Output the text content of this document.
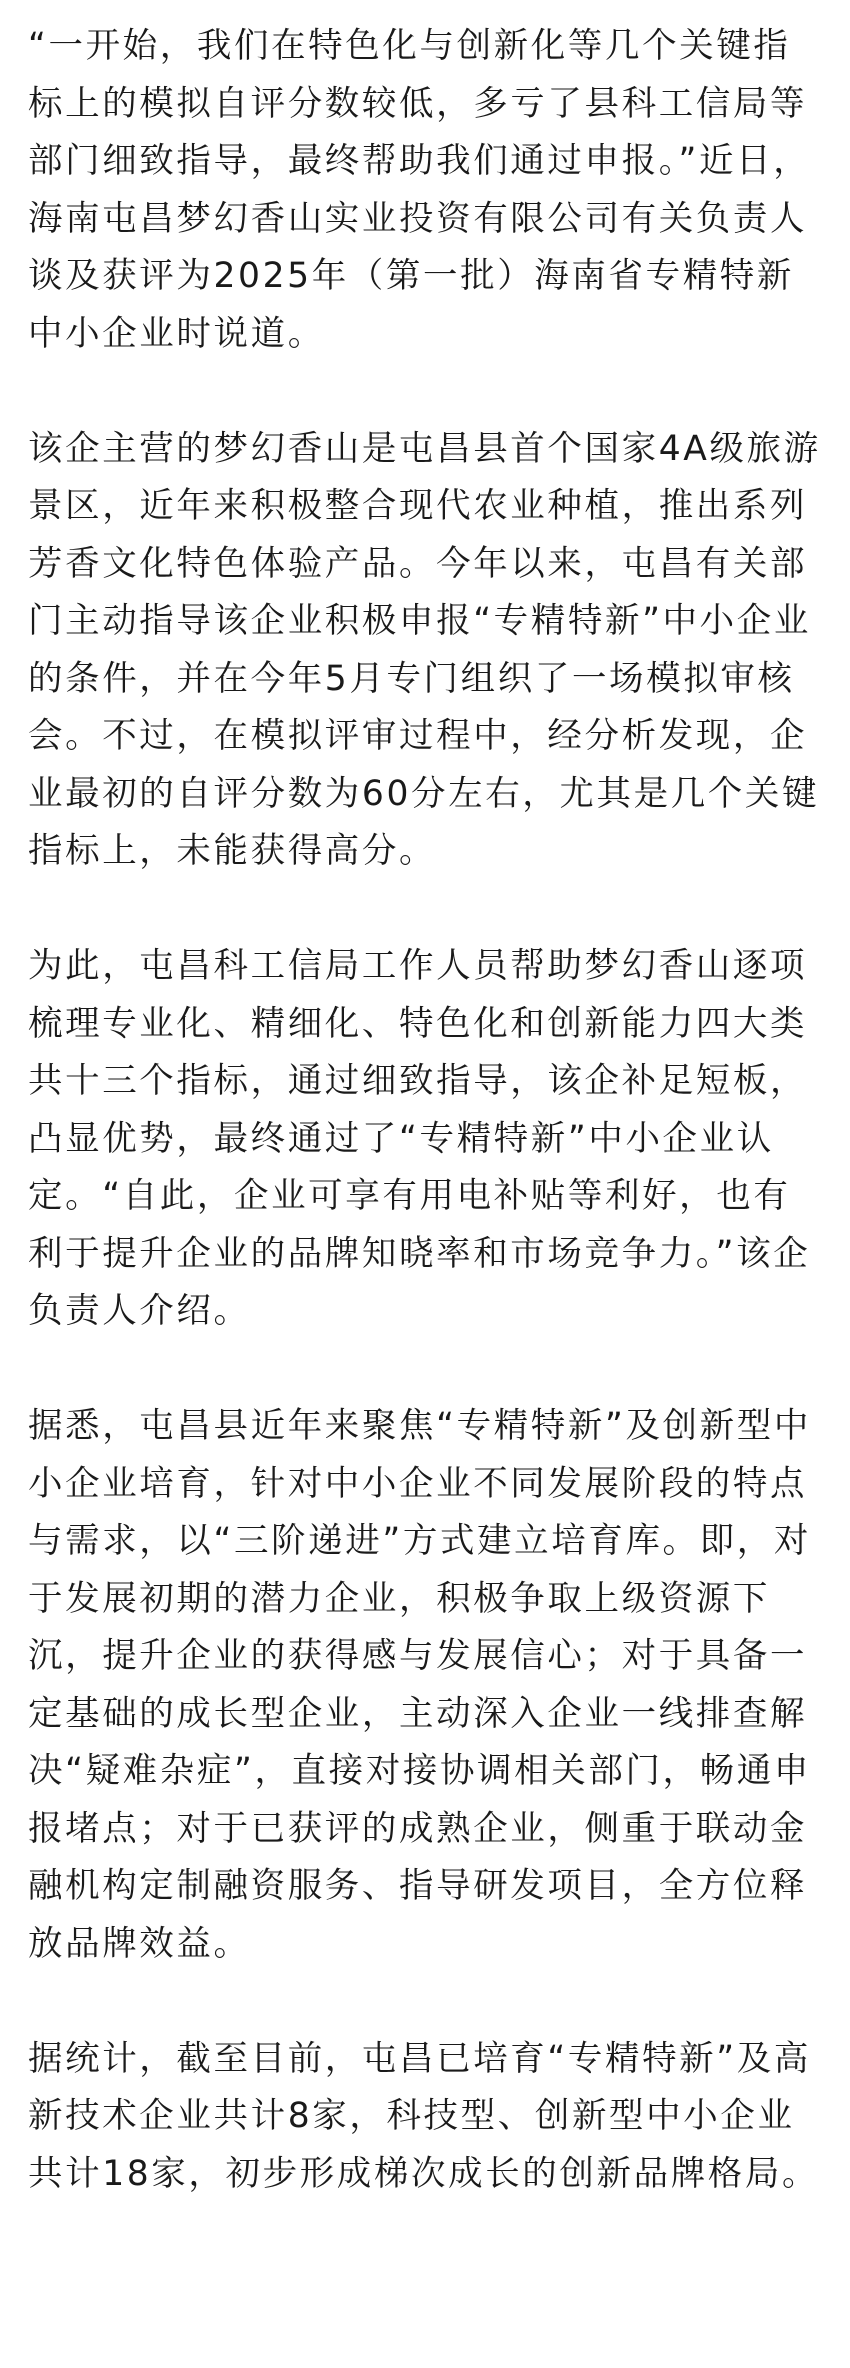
“一开始，我们在特色化与创新化等几个关键指标上的模拟自评分数较低，多亏了县科工信局等部门细致指导，最终帮助我们通过申报。”近日，海南屯昌梦幻香山实业投资有限公司有关负责人谈及获评为2025年（第一批）海南省专精特新中小企业时说道。

该企主营的梦幻香山是屯昌县首个国家4A级旅游景区，近年来积极整合现代农业种植，推出系列芳香文化特色体验产品。今年以来，屯昌有关部门主动指导该企业积极申报“专精特新”中小企业的条件，并在今年5月专门组织了一场模拟审核会。不过，在模拟评审过程中，经分析发现，企业最初的自评分数为60分左右，尤其是几个关键指标上，未能获得高分。

为此，屯昌科工信局工作人员帮助梦幻香山逐项梳理专业化、精细化、特色化和创新能力四大类共十三个指标，通过细致指导，该企补足短板，凸显优势，最终通过了“专精特新”中小企业认定。“自此，企业可享有用电补贴等利好，也有利于提升企业的品牌知晓率和市场竞争力。”该企负责人介绍。

据悉，屯昌县近年来聚焦“专精特新”及创新型中小企业培育，针对中小企业不同发展阶段的特点与需求，以“三阶递进”方式建立培育库。即，对于发展初期的潜力企业，积极争取上级资源下沉，提升企业的获得感与发展信心；对于具备一定基础的成长型企业，主动深入企业一线排查解决“疑难杂症”，直接对接协调相关部门，畅通申报堵点；对于已获评的成熟企业，侧重于联动金融机构定制融资服务、指导研发项目，全方位释放品牌效益。

据统计，截至目前，屯昌已培育“专精特新”及高新技术企业共计8家，科技型、创新型中小企业共计18家，初步形成梯次成长的创新品牌格局。
